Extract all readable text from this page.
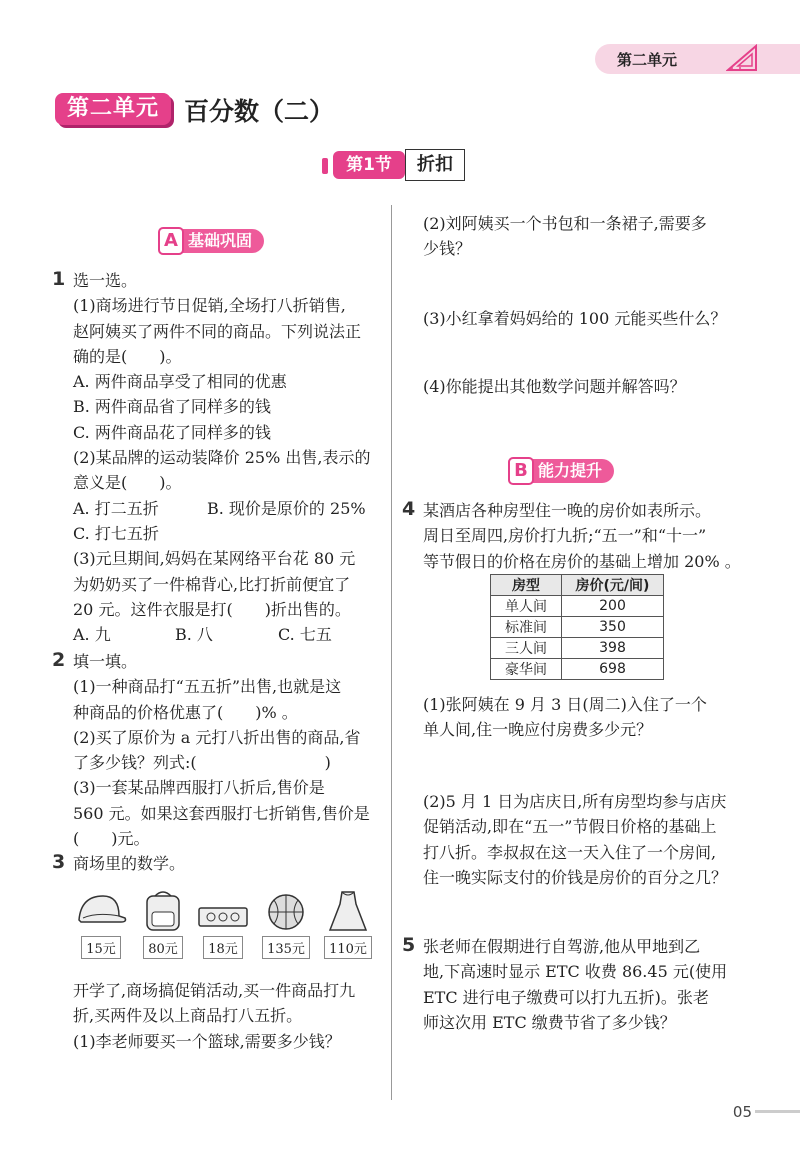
第二单元
第二单元	百分数（二）
第1节	折扣
基础巩固
A
1 选一选。
(1)商场进行节日促销,全场打八折销售,
赵阿姨买了两件不同的商品。下列说法正
确的是(　　)。
A. 两件商品享受了相同的优惠
B. 两件商品省了同样多的钱
C. 两件商品花了同样多的钱
(2)某品牌的运动装降价 25% 出售,表示的
意义是(　　)。
A. 打二五折	B. 现价是原价的 25%
C. 打七五折
(3)元旦期间,妈妈在某网络平台花 80 元
为奶奶买了一件棉背心,比打折前便宜了
20 元。这件衣服是打(　　)折出售的。
A. 九	B. 八	C. 七五
2 填一填。
(1)一种商品打“五五折”出售,也就是这
种商品的价格优惠了(　　)% 。
(2)买了原价为 a 元打八折出售的商品,省
了多少钱？列式:(　　　　　　　　)
(3)一套某品牌西服打八折后,售价是
560 元。如果这套西服打七折销售,售价是
(　　)元。
3 商场里的数学。
15元	80元	18元	135元	110元
开学了,商场搞促销活动,买一件商品打九
折,买两件及以上商品打八五折。
(1)李老师要买一个篮球,需要多少钱？
(2)刘阿姨买一个书包和一条裙子,需要多
少钱？
(3)小红拿着妈妈给的 100 元能买些什么？
(4)你能提出其他数学问题并解答吗？
能力提升
B
4 某酒店各种房型住一晚的房价如表所示。
周日至周四,房价打九折;“五一”和“十一”
等节假日的价格在房价的基础上增加 20% 。
房型	房价(元/间)
单人间	200
标准间	350
三人间	398
豪华间	698
(1)张阿姨在 9 月 3 日(周二)入住了一个
单人间,住一晚应付房费多少元？
(2)5 月 1 日为店庆日,所有房型均参与店庆
促销活动,即在“五一”节假日价格的基础上
打八折。李叔叔在这一天入住了一个房间,
住一晚实际支付的价钱是房价的百分之几？
5 张老师在假期进行自驾游,他从甲地到乙
地,下高速时显示 ETC 收费 86.45 元(使用
ETC 进行电子缴费可以打九五折)。张老
师这次用 ETC 缴费节省了多少钱？
05
